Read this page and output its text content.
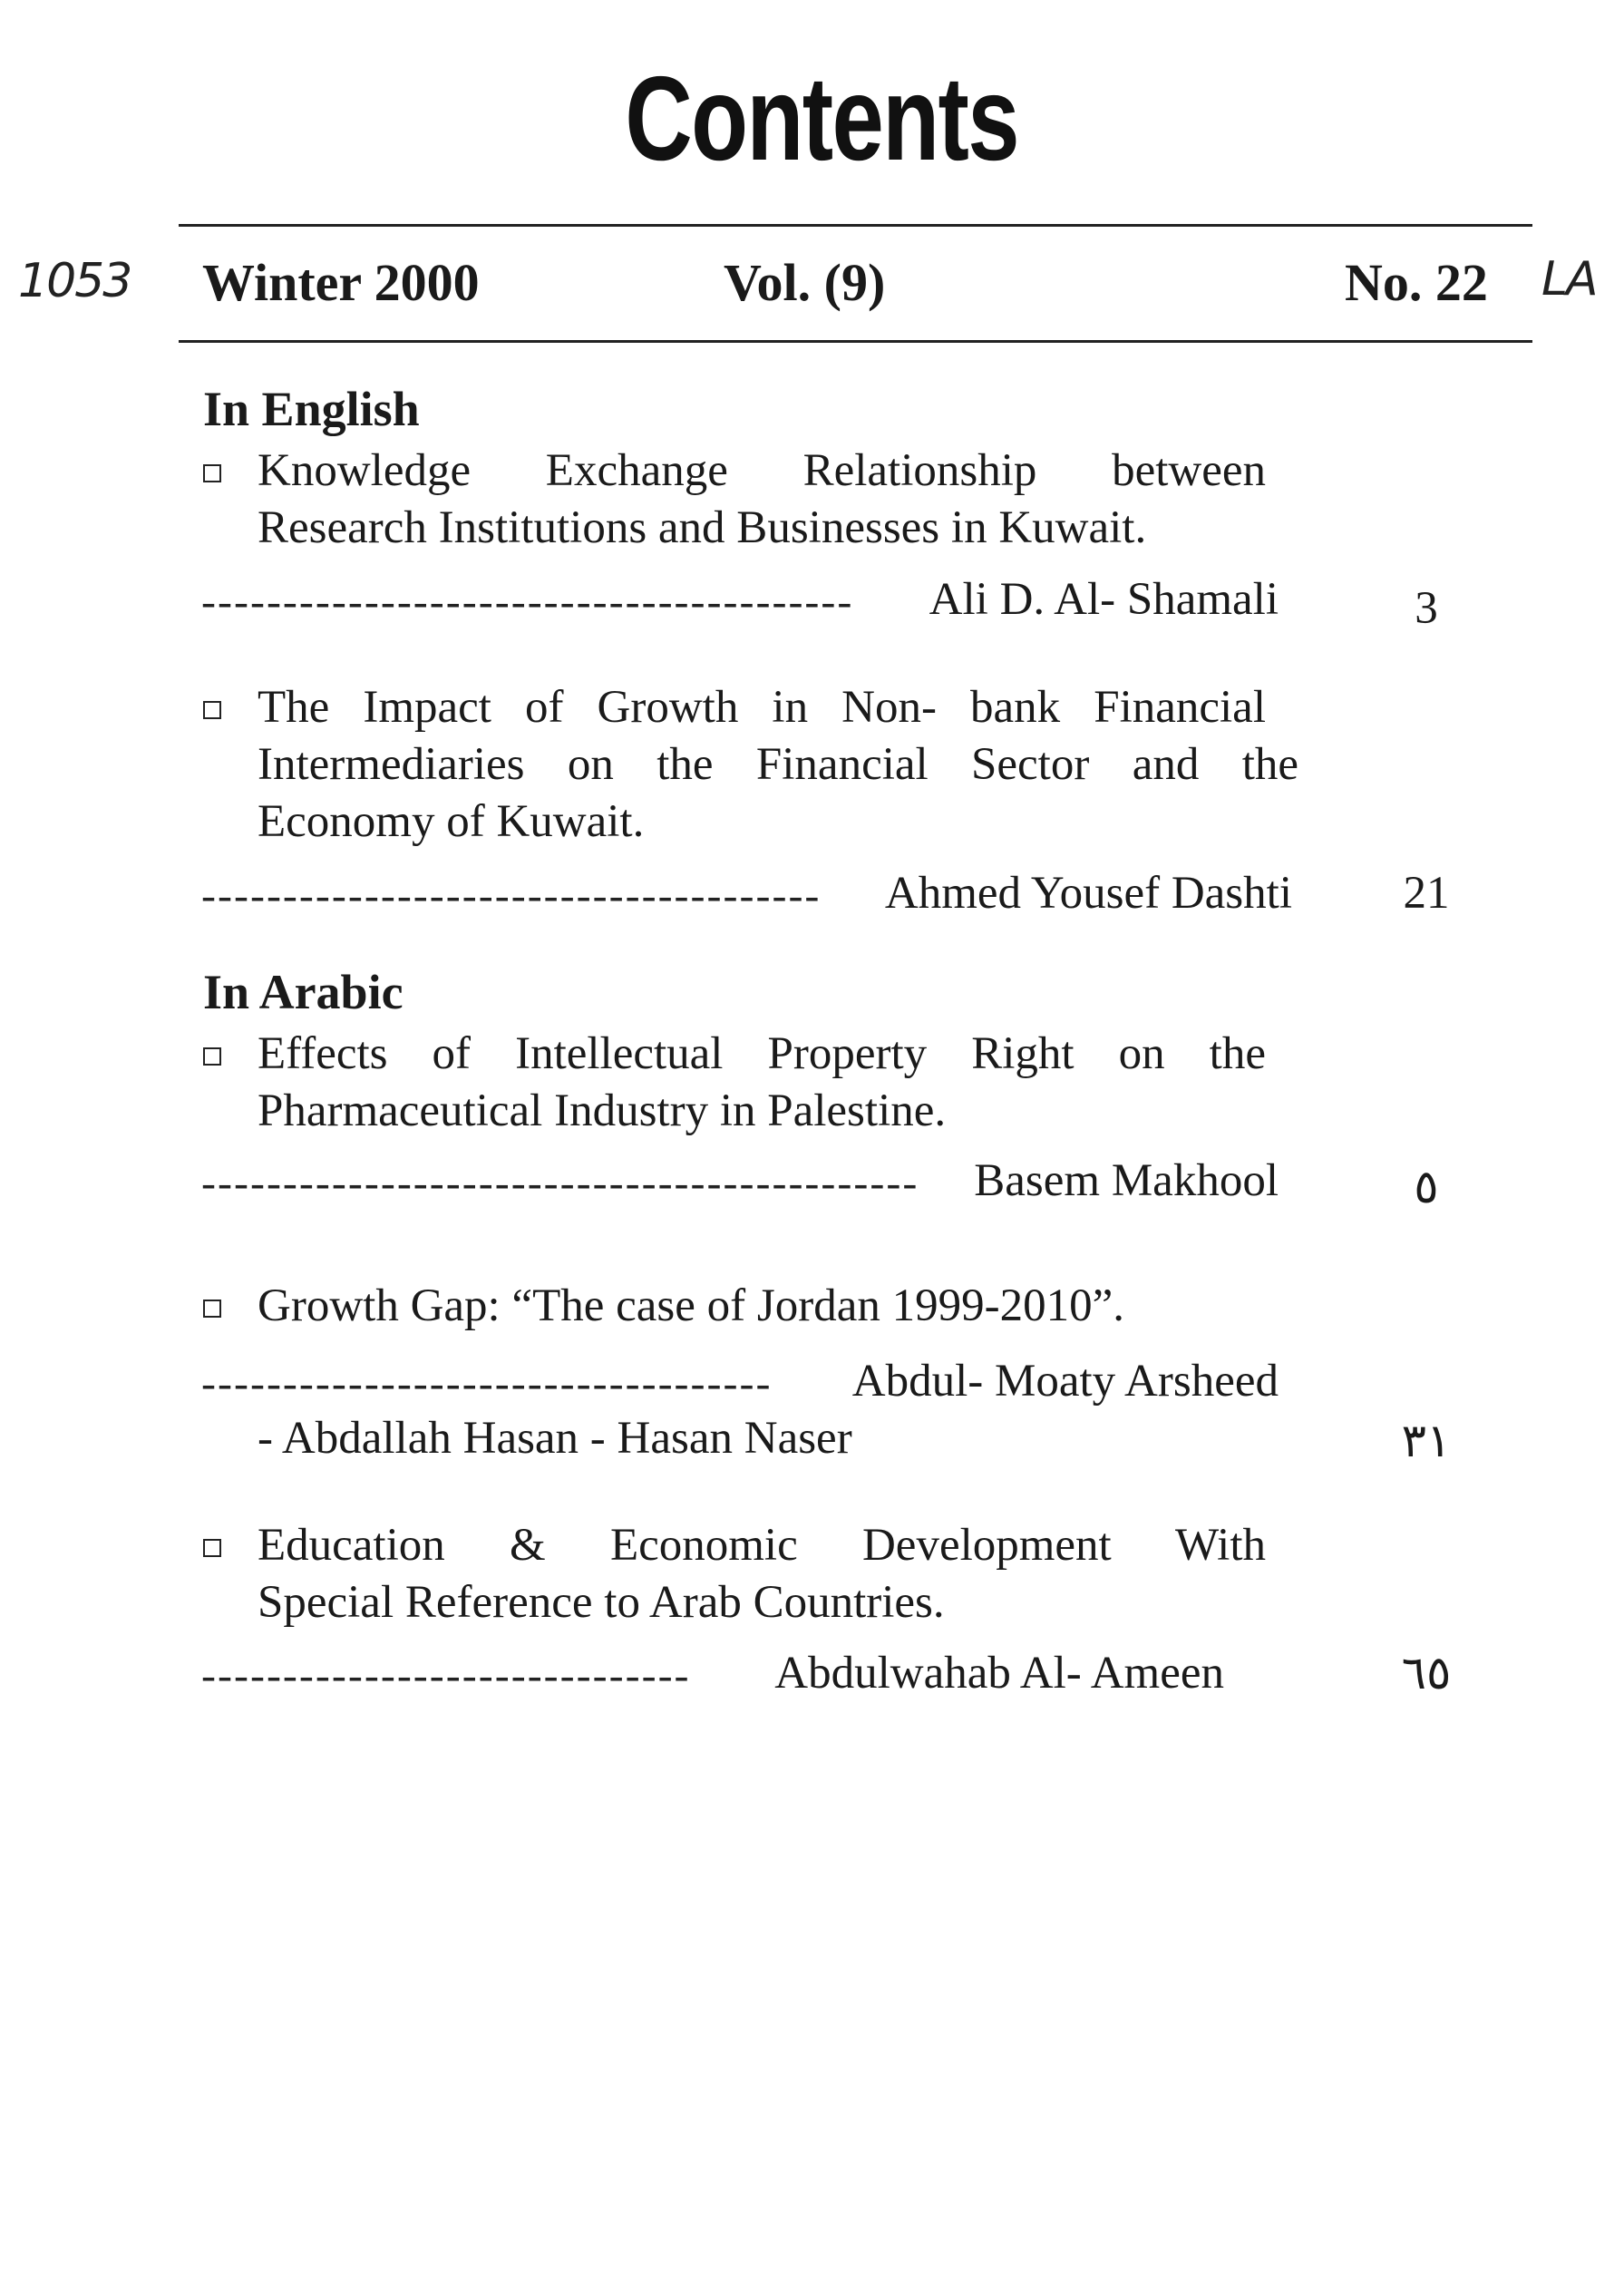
Contents
1053 Winter 2000	Vol. (9)	No. 22 LA
In English
Knowledge Exchange Relationship between
Research Institutions and Businesses in Kuwait.
----------------------------------------	Ali D. Al- Shamali	3
The Impact of Growth in Non- bank Financial
Intermediaries on the Financial Sector and the
Economy of Kuwait.
--------------------------------------	Ahmed Yousef Dashti	21
In Arabic
Effects of Intellectual Property Right on the
Pharmaceutical Industry in Palestine.
--------------------------------------------	Basem Makhool	٥
Growth Gap: “The case of Jordan 1999-2010”.
-----------------------------------	Abdul- Moaty Arsheed
- Abdallah Hasan - Hasan Naser	٣١
Education & Economic Development With
Special Reference to Arab Countries.
------------------------------	Abdulwahab Al- Ameen	٦٥
